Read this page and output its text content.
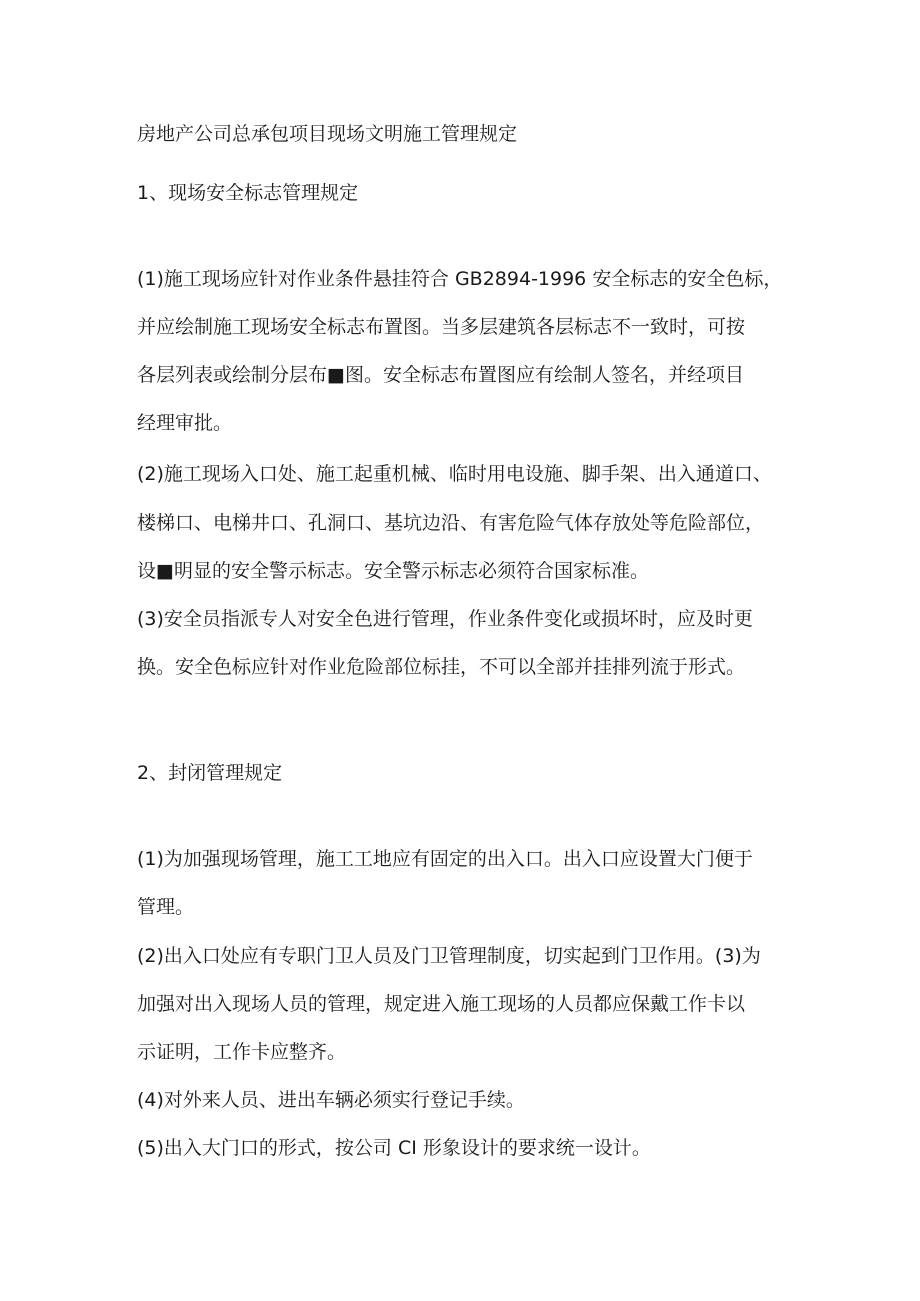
房地产公司总承包项目现场文明施工管理规定
1、现场安全标志管理规定
(1)施工现场应针对作业条件悬挂符合 GB2894-1996 安全标志的安全色标，
并应绘制施工现场安全标志布置图。当多层建筑各层标志不一致时，可按
各层列表或绘制分层布■图。安全标志布置图应有绘制人签名，并经项目
经理审批。
(2)施工现场入口处、施工起重机械、临时用电设施、脚手架、出入通道口、
楼梯口、电梯井口、孔洞口、基坑边沿、有害危险气体存放处等危险部位，
设■明显的安全警示标志。安全警示标志必须符合国家标准。
(3)安全员指派专人对安全色进行管理，作业条件变化或损坏时，应及时更
换。安全色标应针对作业危险部位标挂，不可以全部并挂排列流于形式。
2、封闭管理规定
(1)为加强现场管理，施工工地应有固定的出入口。出入口应设置大门便于
管理。
(2)出入口处应有专职门卫人员及门卫管理制度，切实起到门卫作用。(3)为
加强对出入现场人员的管理，规定进入施工现场的人员都应保戴工作卡以
示证明，工作卡应整齐。
(4)对外来人员、进出车辆必须实行登记手续。
(5)出入大门口的形式，按公司 CI 形象设计的要求统一设计。
